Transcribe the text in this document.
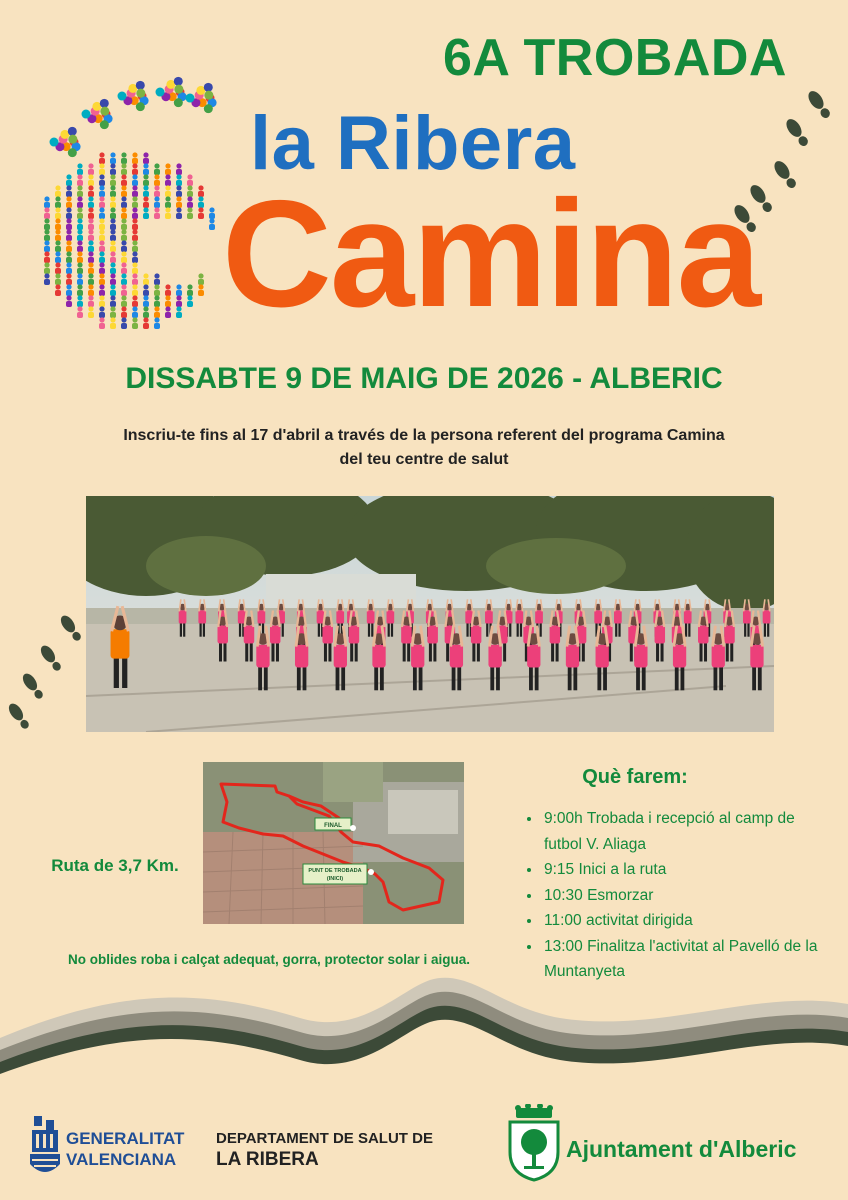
6A TROBADA
la Ribera
Camina
DISSABTE 9 DE MAIG DE 2026 - ALBERIC
Inscriu-te fins al 17 d'abril a través de la persona referent del programa Camina
del teu centre de salut
FINAL
PUNT DE TROBADA
(INICI)
Ruta de 3,7 Km.
No oblides roba i calçat adequat, gorra, protector solar i aigua.
Què farem:
• 9:00h Trobada i recepció al camp de futbol V. Aliaga
• 9:15 Inici a la ruta
• 10:30 Esmorzar
• 11:00 activitat dirigida
• 13:00 Finalitza l'activitat al Pavelló de la Muntanyeta
GENERALITAT
VALENCIANA
DEPARTAMENT DE SALUT DE
LA RIBERA	Ajuntament d'Alberic
